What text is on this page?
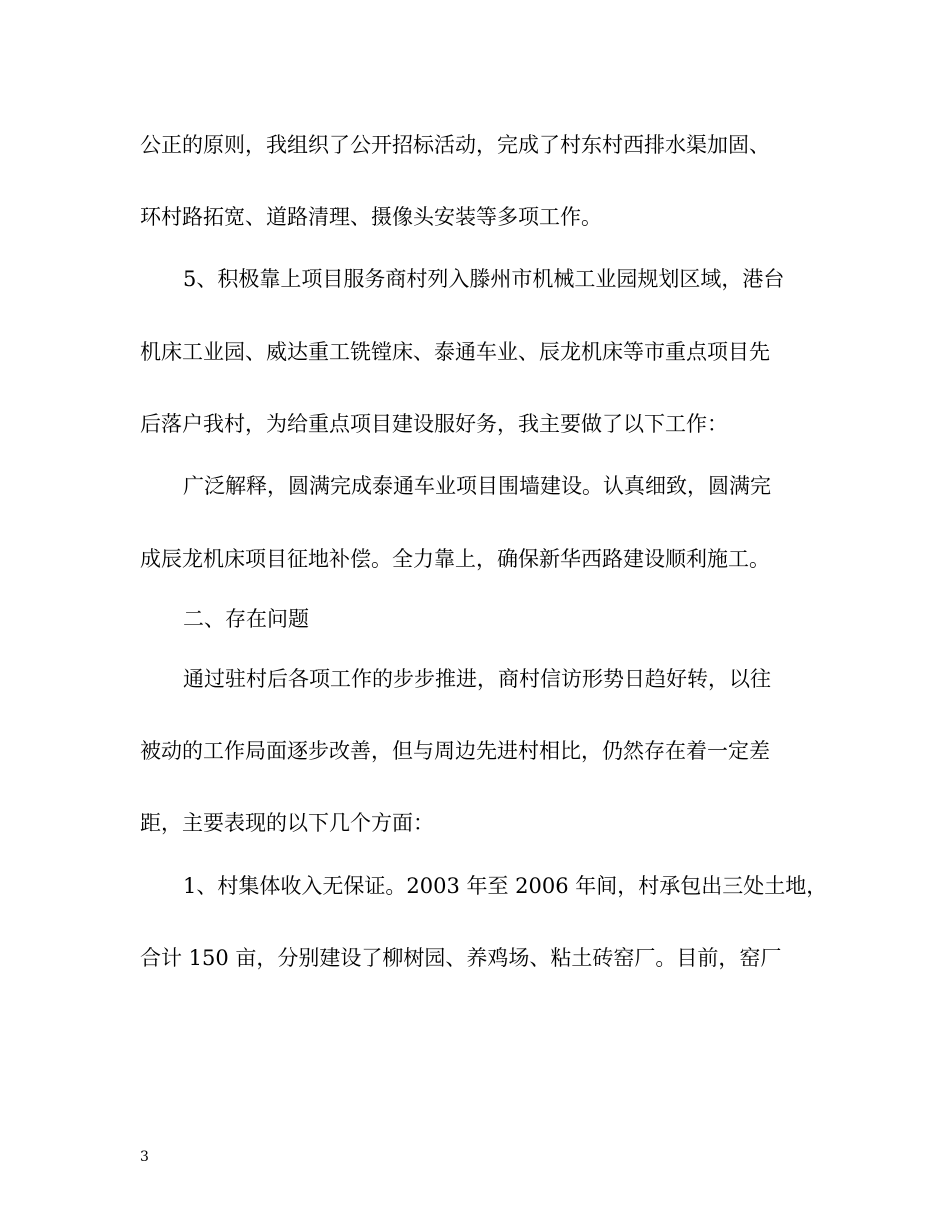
公正的原则，我组织了公开招标活动，完成了村东村西排水渠加固、
环村路拓宽、道路清理、摄像头安装等多项工作。
5、积极靠上项目服务商村列入滕州市机械工业园规划区域，港台
机床工业园、威达重工铣镗床、泰通车业、辰龙机床等市重点项目先
后落户我村，为给重点项目建设服好务，我主要做了以下工作：
广泛解释，圆满完成泰通车业项目围墙建设。认真细致，圆满完
成辰龙机床项目征地补偿。全力靠上，确保新华西路建设顺利施工。
二、存在问题
通过驻村后各项工作的步步推进，商村信访形势日趋好转，以往
被动的工作局面逐步改善，但与周边先进村相比，仍然存在着一定差
距，主要表现的以下几个方面：
1、村集体收入无保证。2003 年至 2006 年间，村承包出三处土地，
合计 150 亩，分别建设了柳树园、养鸡场、粘土砖窑厂。目前，窑厂
3
